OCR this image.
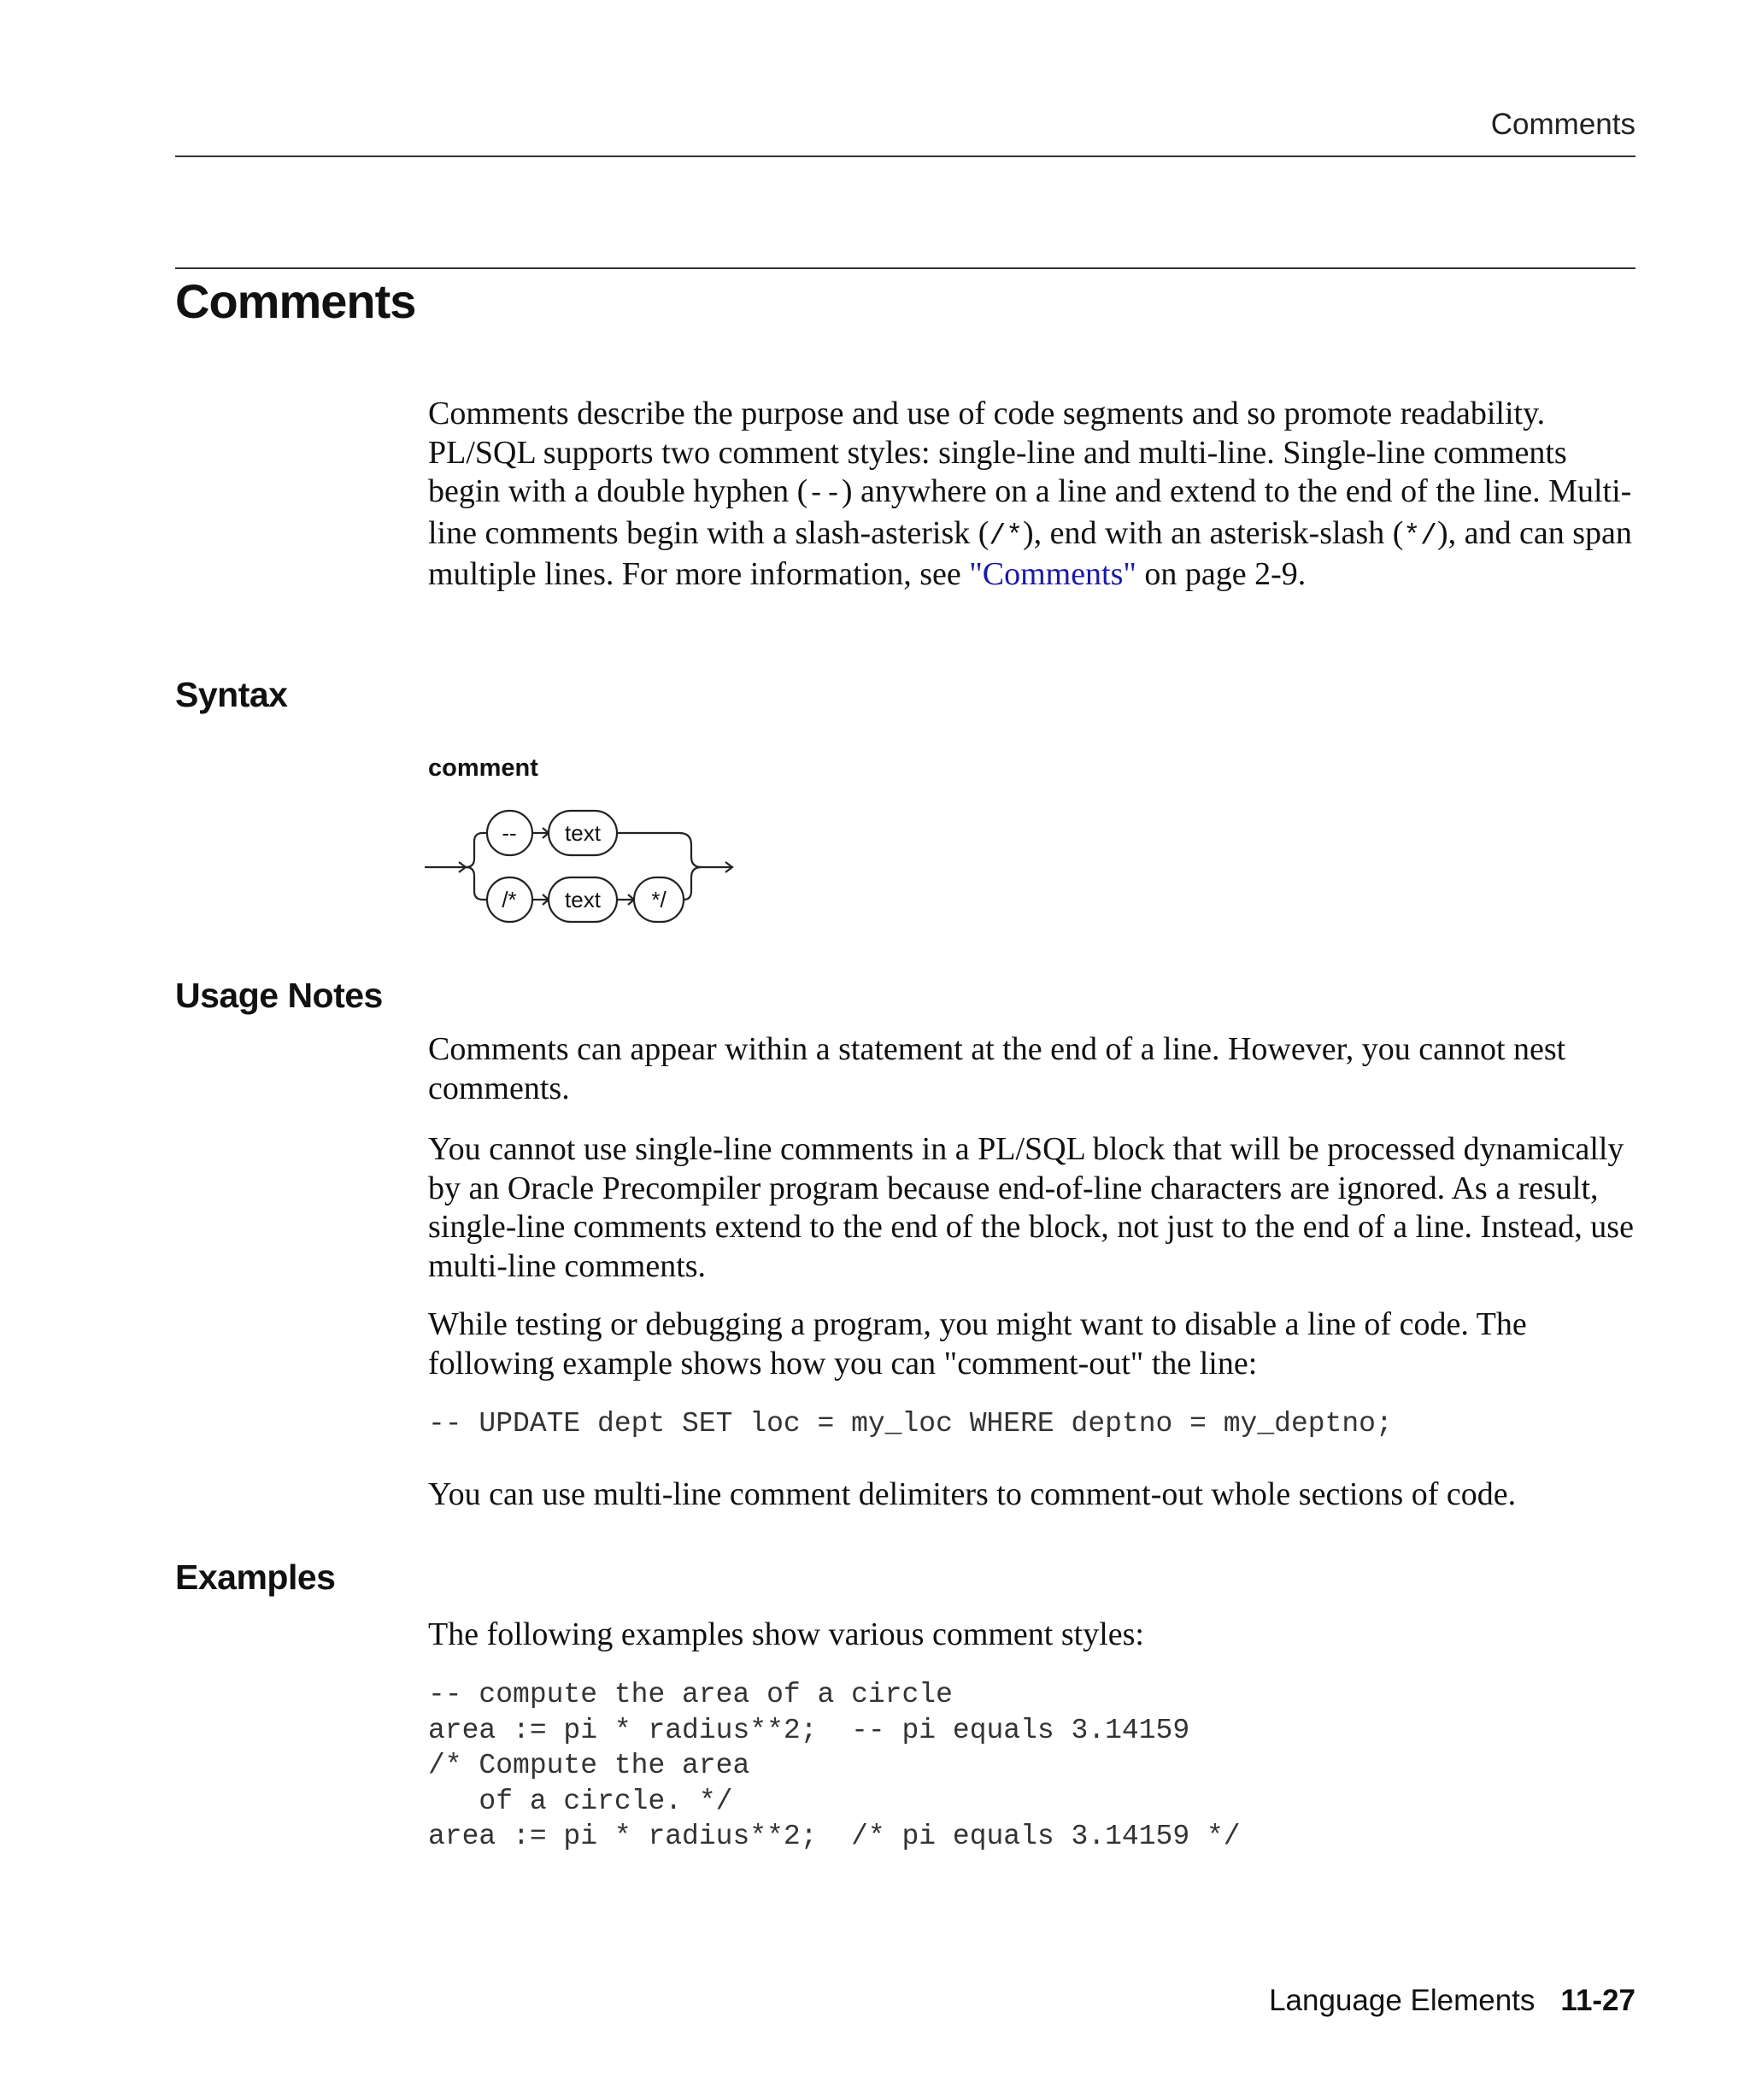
Comments
Comments

Comments describe the purpose and use of code segments and so promote readability. PL/SQL supports two comment styles: single-line and multi-line. Single-line comments begin with a double hyphen (--) anywhere on a line and extend to the end of the line. Multi-line comments begin with a slash-asterisk (/*), end with an asterisk-slash (*/), and can span multiple lines. For more information, see "Comments" on page 2-9.

Syntax
comment
-- text
/* text */
Usage Notes

Comments can appear within a statement at the end of a line. However, you cannot nest comments.

You cannot use single-line comments in a PL/SQL block that will be processed dynamically by an Oracle Precompiler program because end-of-line characters are ignored. As a result, single-line comments extend to the end of the block, not just to the end of a line. Instead, use multi-line comments.

While testing or debugging a program, you might want to disable a line of code. The following example shows how you can "comment-out" the line:

-- UPDATE dept SET loc = my_loc WHERE deptno = my_deptno;

You can use multi-line comment delimiters to comment-out whole sections of code.

Examples

The following examples show various comment styles:

-- compute the area of a circle
area := pi * radius**2;  -- pi equals 3.14159
/* Compute the area
of a circle. */
area := pi * radius**2;  /* pi equals 3.14159 */
Language Elements 11-27
